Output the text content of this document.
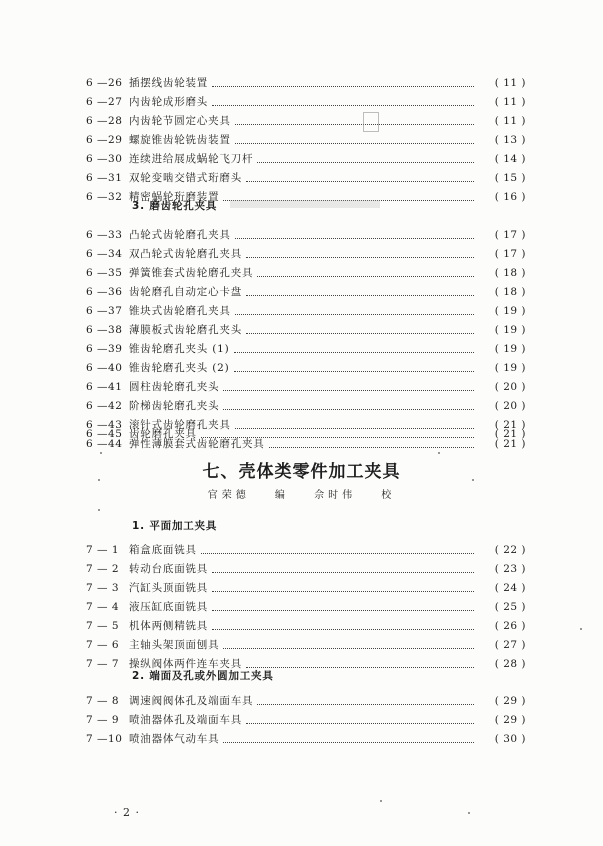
6 —26 插摆线齿轮装置	( 11 )
6 —27 内齿轮成形磨头	( 11 )
6 —28 内齿轮节圆定心夹具	( 11 )
6 —29 螺旋锥齿轮铣齿装置	( 13 )
6 —30 连续进给展成蜗轮飞刀杆	( 14 )
6 —31 双轮变啮交错式珩磨头	( 15 )
6 —32 精密蜗轮珩磨装置	( 16 )
3. 磨齿轮孔夹具
6 —33 凸轮式齿轮磨孔夹具	( 17 )
6 —34 双凸轮式齿轮磨孔夹具	( 17 )
6 —35 弹簧锥套式齿轮磨孔夹具	( 18 )
6 —36 齿轮磨孔自动定心卡盘	( 18 )
6 —37 锥块式齿轮磨孔夹具	( 19 )
6 —38 薄膜板式齿轮磨孔夹头	( 19 )
6 —39 锥齿轮磨孔夹头 (1)	( 19 )
6 —40 锥齿轮磨孔夹头 (2)	( 19 )
6 —41 圆柱齿轮磨孔夹头	( 20 )
6 —42 阶梯齿轮磨孔夹头	( 20 )
6 —43 滚针式齿轮磨孔夹具	( 21 )
6 —44 弹性薄膜套式齿轮磨孔夹具	( 21 )
6 —45 齿轮磨孔夹具	( 21 )
七、壳体类零件加工夹具
官荣德 编 佘时伟 校
1. 平面加工夹具
7 — 1 箱盒底面铣具	( 22 )
7 — 2 转动台底面铣具	( 23 )
7 — 3 汽缸头顶面铣具	( 24 )
7 — 4 液压缸底面铣具	( 25 )
7 — 5 机体两侧精铣具	( 26 )
7 — 6 主轴头架顶面刨具	( 27 )
7 — 7 操纵阀体两件连车夹具	( 28 )
2. 端面及孔或外圆加工夹具
7 — 8 调速阀阀体孔及端面车具	( 29 )
7 — 9 喷油器体孔及端面车具	( 29 )
7 —10 喷油器体气动车具	( 30 )
· 2 ·
